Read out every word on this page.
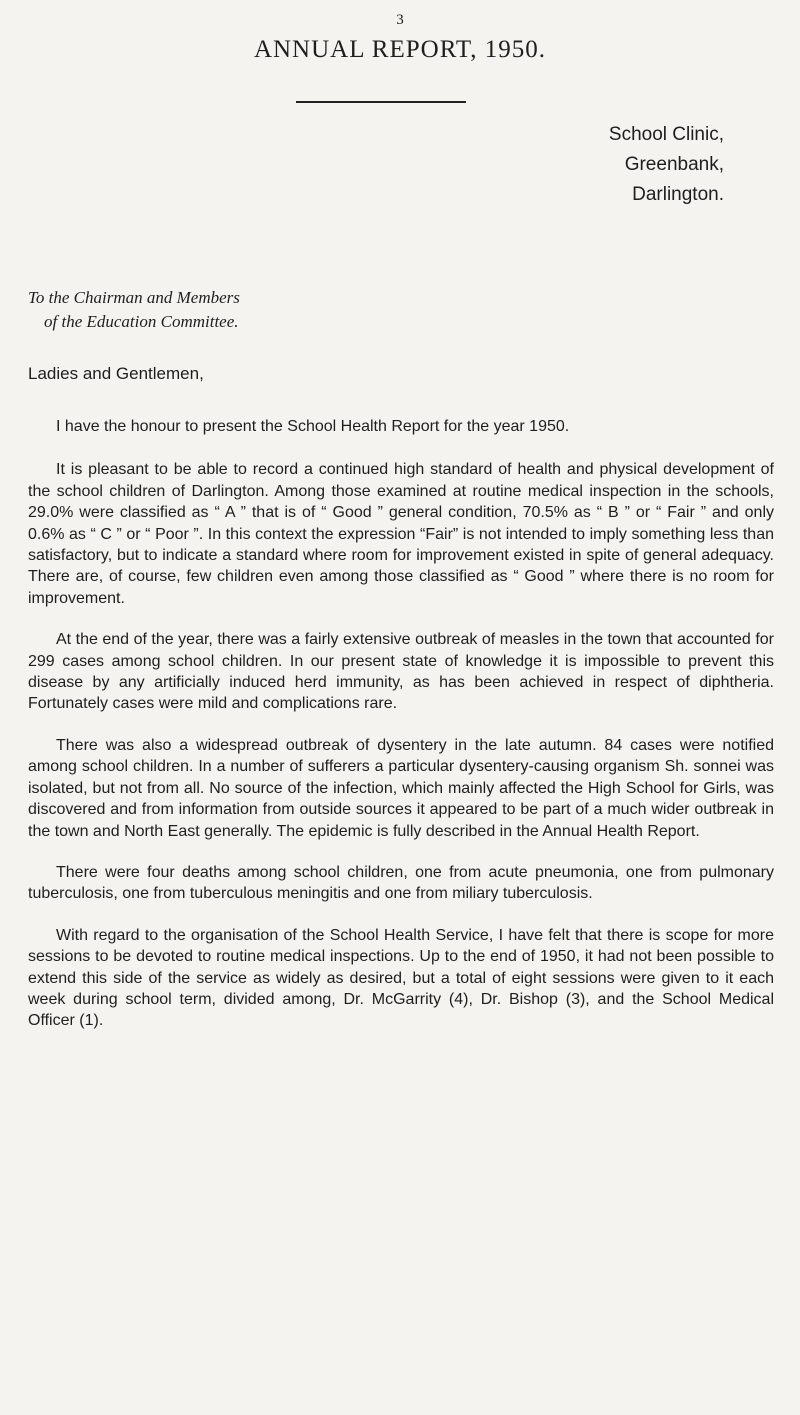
3
ANNUAL REPORT, 1950.
School Clinic,
Greenbank,
Darlington.
To the Chairman and Members
of the Education Committee.
Ladies and Gentlemen,

I have the honour to present the School Health Report for the year 1950.

It is pleasant to be able to record a continued high standard of health and physical development of the school children of Darlington. Among those examined at routine medical inspection in the schools, 29.0% were classified as “ A ” that is of “ Good ” general condition, 70.5% as “ B ” or “ Fair ” and only 0.6% as “ C ” or “ Poor ”. In this context the expression “Fair” is not intended to imply something less than satisfactory, but to indicate a standard where room for improvement existed in spite of general adequacy. There are, of course, few children even among those classified as “ Good ” where there is no room for improvement.

At the end of the year, there was a fairly extensive outbreak of measles in the town that accounted for 299 cases among school children. In our present state of knowledge it is impossible to prevent this disease by any artificially induced herd immunity, as has been achieved in respect of diphtheria. Fortunately cases were mild and complications rare.

There was also a widespread outbreak of dysentery in the late autumn. 84 cases were notified among school children. In a number of sufferers a particular dysentery-causing organism Sh. sonnei was isolated, but not from all. No source of the infection, which mainly affected the High School for Girls, was discovered and from information from outside sources it appeared to be part of a much wider outbreak in the town and North East generally. The epidemic is fully described in the Annual Health Report.

There were four deaths among school children, one from acute pneumonia, one from pulmonary tuberculosis, one from tuberculous meningitis and one from miliary tuberculosis.

With regard to the organisation of the School Health Service, I have felt that there is scope for more sessions to be devoted to routine medical inspections. Up to the end of 1950, it had not been possible to extend this side of the service as widely as desired, but a total of eight sessions were given to it each week during school term, divided among, Dr. McGarrity (4), Dr. Bishop (3), and the School Medical Officer (1).
